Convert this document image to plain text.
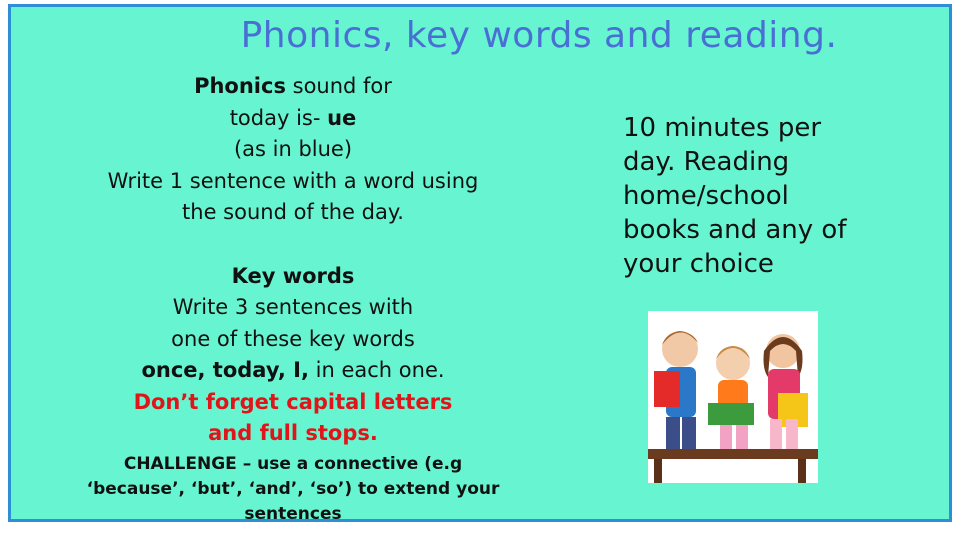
Phonics, key words and reading.
Phonics sound for
today is- ue
(as in blue)
Write 1 sentence with a word using
the sound of the day.
Key words
Write 3 sentences with
one of these key words
once, today, I, in each one.
Don’t forget capital letters
and full stops.
CHALLENGE – use a connective (e.g
‘because’, ‘but’, ‘and’, ‘so’) to extend your
sentences
10 minutes per
day. Reading
home/school
books and any of
your choice
